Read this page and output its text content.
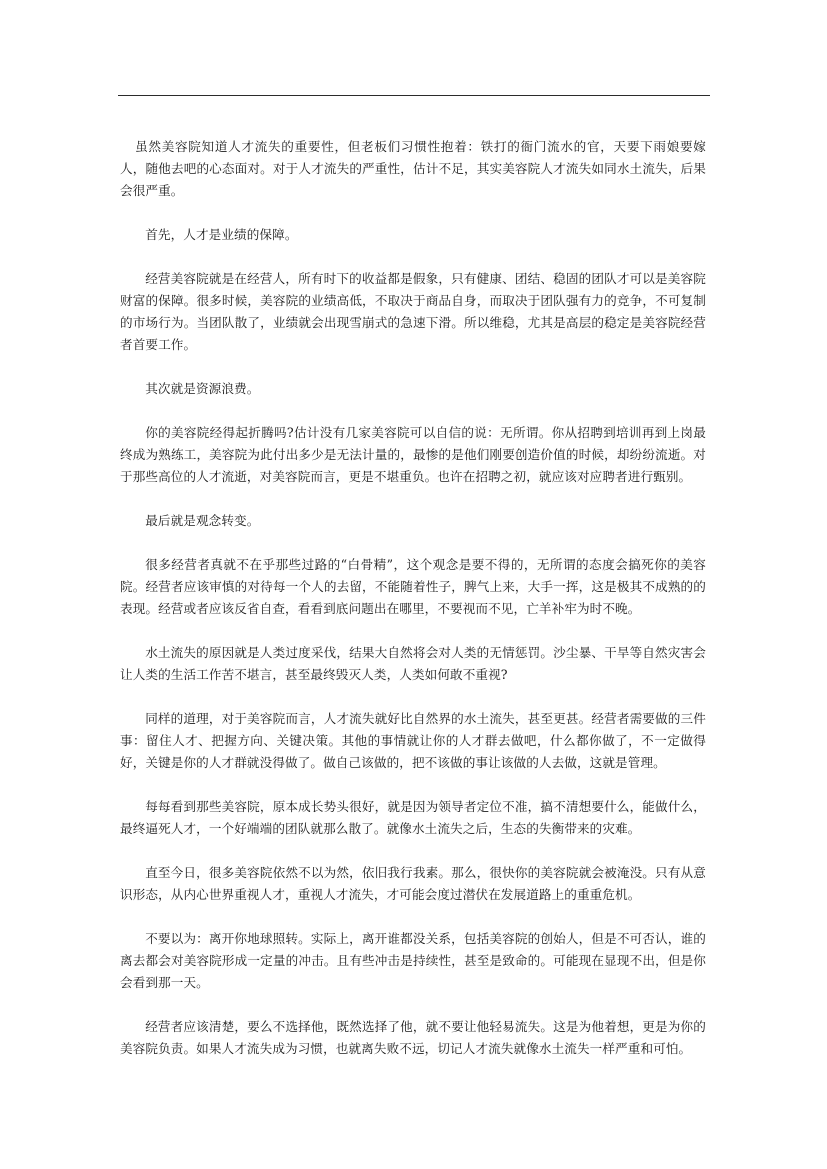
虽然美容院知道人才流失的重要性，但老板们习惯性抱着：铁打的衙门流水的官，天要下雨娘要嫁人，随他去吧的心态面对。对于人才流失的严重性，估计不足，其实美容院人才流失如同水土流失，后果会很严重。

首先，人才是业绩的保障。

经营美容院就是在经营人，所有时下的收益都是假象，只有健康、团结、稳固的团队才可以是美容院财富的保障。很多时候，美容院的业绩高低，不取决于商品自身，而取决于团队强有力的竞争，不可复制的市场行为。当团队散了，业绩就会出现雪崩式的急速下滑。所以维稳，尤其是高层的稳定是美容院经营者首要工作。

其次就是资源浪费。

你的美容院经得起折腾吗?估计没有几家美容院可以自信的说：无所谓。你从招聘到培训再到上岗最终成为熟练工，美容院为此付出多少是无法计量的，最惨的是他们刚要创造价值的时候，却纷纷流逝。对于那些高位的人才流逝，对美容院而言，更是不堪重负。也许在招聘之初，就应该对应聘者进行甄别。

最后就是观念转变。

很多经营者真就不在乎那些过路的“白骨精”，这个观念是要不得的，无所谓的态度会搞死你的美容院。经营者应该审慎的对待每一个人的去留，不能随着性子，脾气上来，大手一挥，这是极其不成熟的的表现。经营或者应该反省自查，看看到底问题出在哪里，不要视而不见，亡羊补牢为时不晚。

水土流失的原因就是人类过度采伐，结果大自然将会对人类的无情惩罚。沙尘暴、干旱等自然灾害会让人类的生活工作苦不堪言，甚至最终毁灭人类，人类如何敢不重视?

同样的道理，对于美容院而言，人才流失就好比自然界的水土流失，甚至更甚。经营者需要做的三件事：留住人才、把握方向、关键决策。其他的事情就让你的人才群去做吧，什么都你做了，不一定做得好，关键是你的人才群就没得做了。做自己该做的，把不该做的事让该做的人去做，这就是管理。

每每看到那些美容院，原本成长势头很好，就是因为领导者定位不准，搞不清想要什么，能做什么，最终逼死人才，一个好端端的团队就那么散了。就像水土流失之后，生态的失衡带来的灾难。

直至今日，很多美容院依然不以为然，依旧我行我素。那么，很快你的美容院就会被淹没。只有从意识形态，从内心世界重视人才，重视人才流失，才可能会度过潜伏在发展道路上的重重危机。

不要以为：离开你地球照转。实际上，离开谁都没关系，包括美容院的创始人，但是不可否认，谁的离去都会对美容院形成一定量的冲击。且有些冲击是持续性，甚至是致命的。可能现在显现不出，但是你会看到那一天。

经营者应该清楚，要么不选择他，既然选择了他，就不要让他轻易流失。这是为他着想，更是为你的美容院负责。如果人才流失成为习惯，也就离失败不远，切记人才流失就像水土流失一样严重和可怕。
